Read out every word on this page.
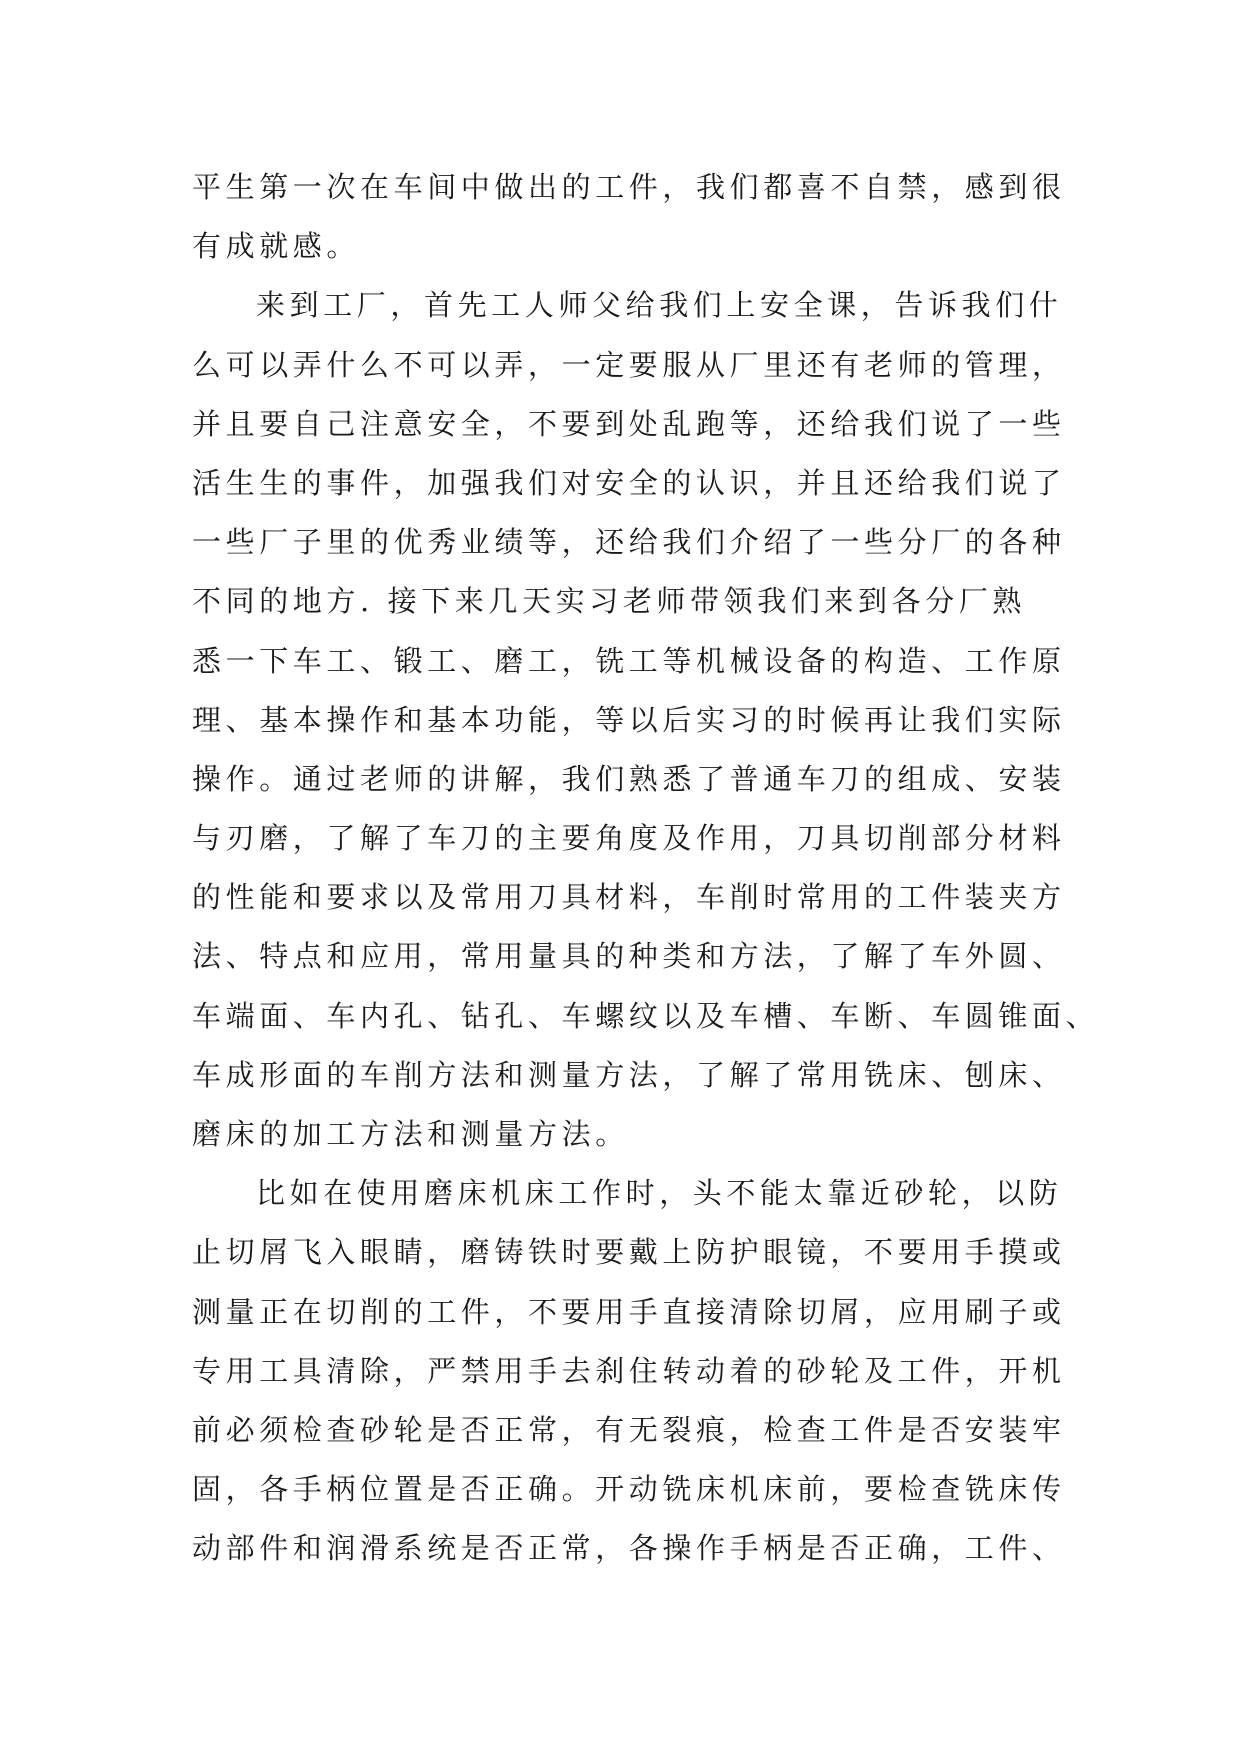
平生第一次在车间中做出的工件，我们都喜不自禁，感到很
有成就感。
来到工厂，首先工人师父给我们上安全课，告诉我们什
么可以弄什么不可以弄，一定要服从厂里还有老师的管理，
并且要自己注意安全，不要到处乱跑等，还给我们说了一些
活生生的事件，加强我们对安全的认识，并且还给我们说了
一些厂子里的优秀业绩等，还给我们介绍了一些分厂的各种
不同的地方. 接下来几天实习老师带领我们来到各分厂熟
悉一下车工、锻工、磨工，铣工等机械设备的构造、工作原
理、基本操作和基本功能，等以后实习的时候再让我们实际
操作。通过老师的讲解，我们熟悉了普通车刀的组成、安装
与刃磨，了解了车刀的主要角度及作用，刀具切削部分材料
的性能和要求以及常用刀具材料，车削时常用的工件装夹方
法、特点和应用，常用量具的种类和方法，了解了车外圆、
车端面、车内孔、钻孔、车螺纹以及车槽、车断、车圆锥面、
车成形面的车削方法和测量方法，了解了常用铣床、刨床、
磨床的加工方法和测量方法。
比如在使用磨床机床工作时，头不能太靠近砂轮，以防
止切屑飞入眼睛，磨铸铁时要戴上防护眼镜，不要用手摸或
测量正在切削的工件，不要用手直接清除切屑，应用刷子或
专用工具清除，严禁用手去刹住转动着的砂轮及工件，开机
前必须检查砂轮是否正常，有无裂痕，检查工件是否安装牢
固，各手柄位置是否正确。开动铣床机床前，要检查铣床传
动部件和润滑系统是否正常，各操作手柄是否正确，工件、
